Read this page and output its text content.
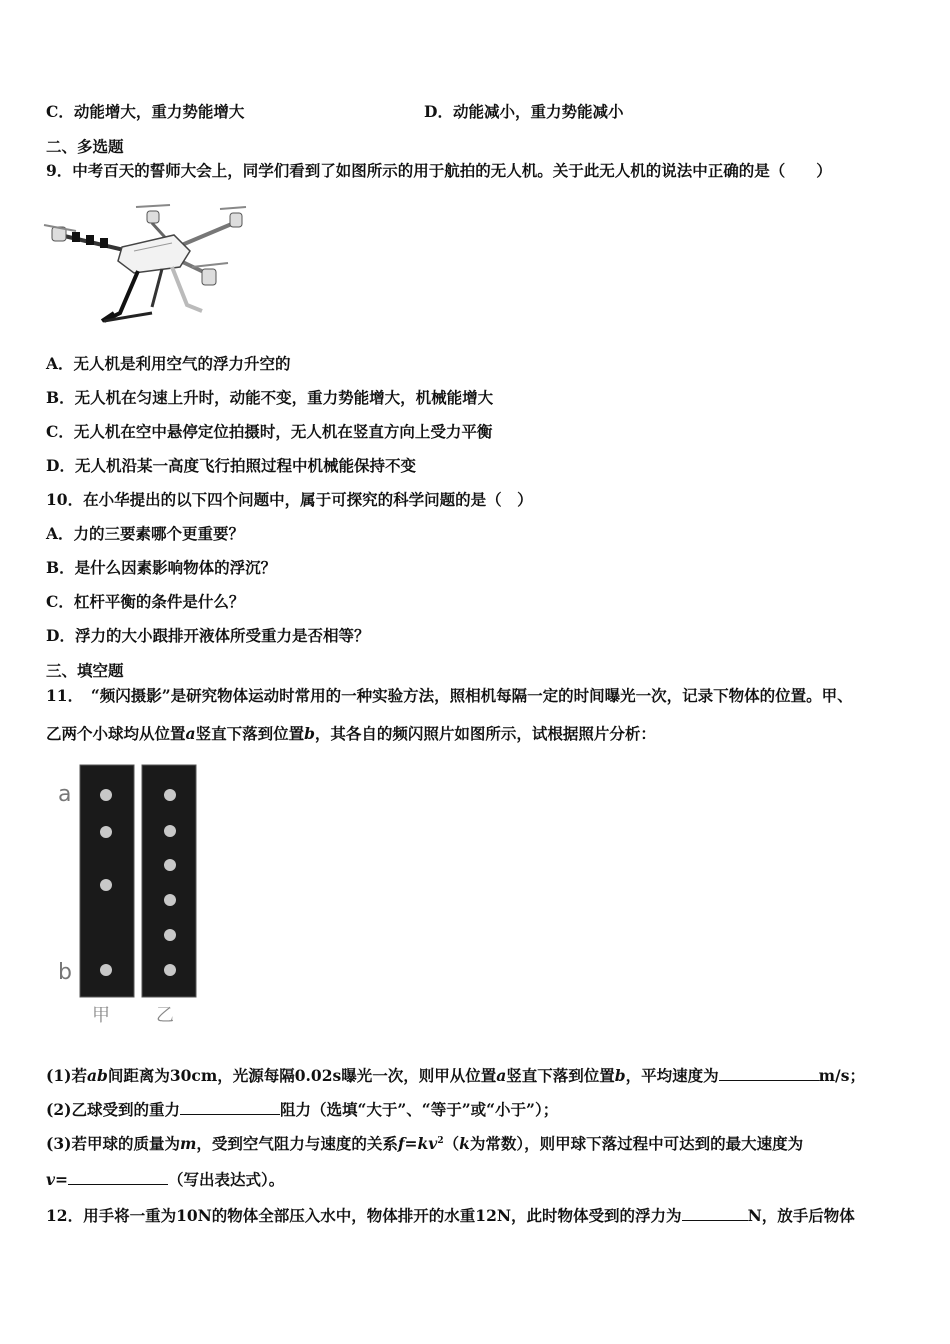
C．动能增大，重力势能增大	D．动能减小，重力势能减小
二、多选题
9．中考百天的誓师大会上，同学们看到了如图所示的用于航拍的无人机。关于此无人机的说法中正确的是（　　）
A．无人机是利用空气的浮力升空的
B．无人机在匀速上升时，动能不变，重力势能增大，机械能增大
C．无人机在空中悬停定位拍摄时，无人机在竖直方向上受力平衡
D．无人机沿某一高度飞行拍照过程中机械能保持不变
10．在小华提出的以下四个问题中，属于可探究的科学问题的是（　）
A．力的三要素哪个更重要？
B．是什么因素影响物体的浮沉？
C．杠杆平衡的条件是什么？
D．浮力的大小跟排开液体所受重力是否相等？
三、填空题
11．　“频闪摄影”是研究物体运动时常用的一种实验方法，照相机每隔一定的时间曝光一次，记录下物体的位置。甲、
乙两个小球均从位置a竖直下落到位置b，其各自的频闪照片如图所示，试根据照片分析：
a
b
甲	乙
(1)若ab间距离为30cm，光源每隔0.02s曝光一次，则甲从位置a竖直下落到位置b，平均速度为	m/s；
(2)乙球受到的重力	阻力（选填“大于”、“等于”或“小于”）；
(3)若甲球的质量为m，受到空气阻力与速度的关系$f=kv^2(k$为常数），则甲球下落过程中可达到的最大速度为
v=	（写出表达式）。
12．用手将一重为10N的物体全部压入水中，物体排开的水重12N，此时物体受到的浮力为	N，放手后物体
